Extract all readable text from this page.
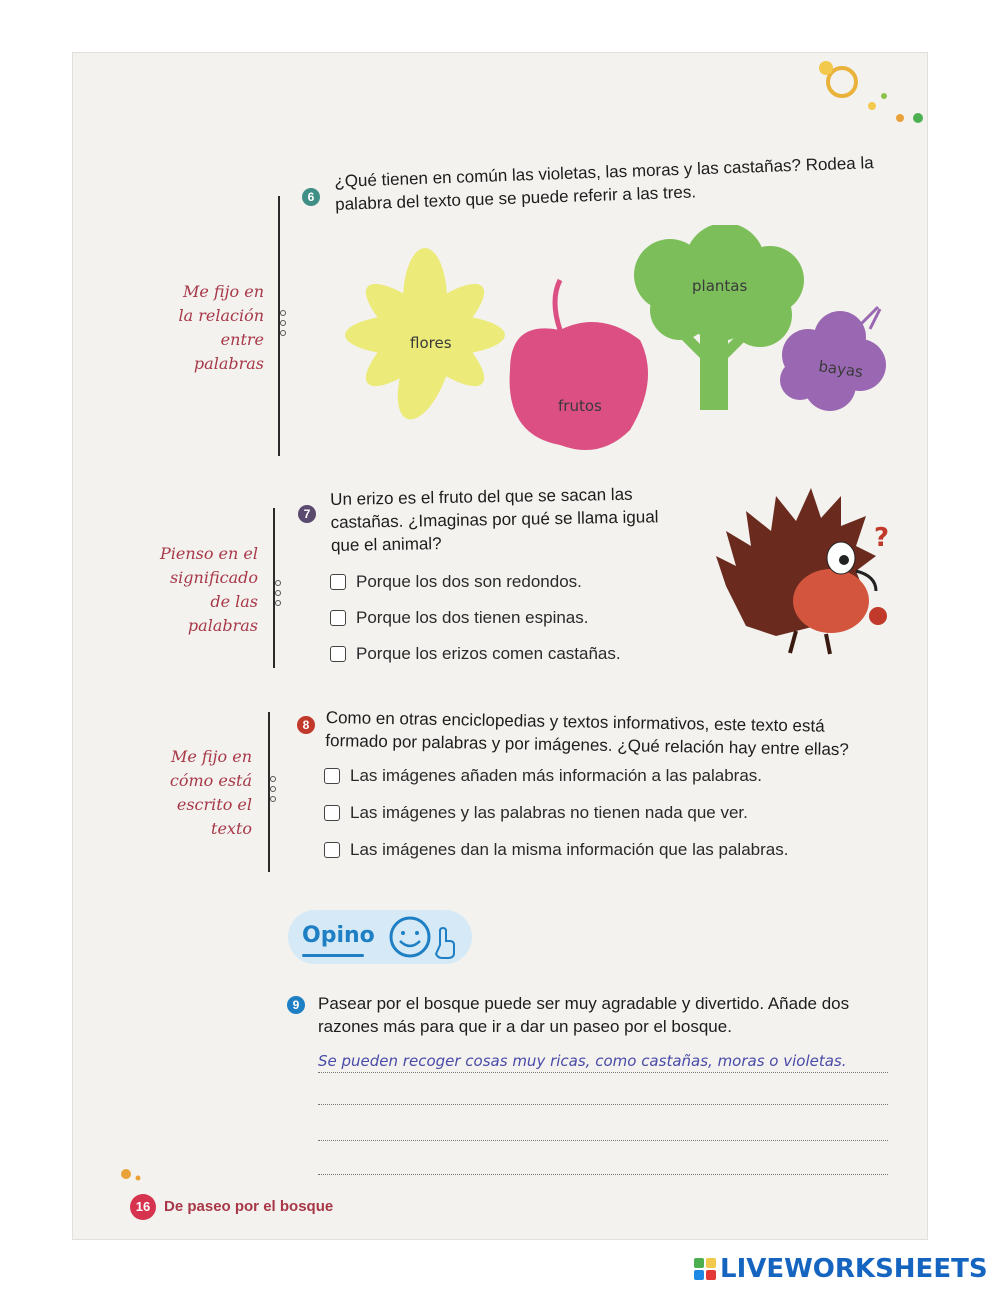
6
¿Qué tienen en común las violetas, las moras y las castañas? Rodea la
palabra del texto que se puede referir a las tres.
Me fijo en
la relación
entre
palabras
flores
frutos
plantas
bayas
7
Un erizo es el fruto del que se sacan las
castañas. ¿Imaginas por qué se llama igual
que el animal?
Pienso en el
significado
de las
palabras
Porque los dos son redondos.
Porque los dos tienen espinas.
Porque los erizos comen castañas.
?
8 Como en otras enciclopedias y textos informativos, este texto está
formado por palabras y por imágenes. ¿Qué relación hay entre ellas?
Me fijo en
cómo está
escrito el
texto
Las imágenes añaden más información a las palabras.
Las imágenes y las palabras no tienen nada que ver.
Las imágenes dan la misma información que las palabras.
Opino
9	Pasear por el bosque puede ser muy agradable y divertido. Añade dos
razones más para que ir a dar un paseo por el bosque.
Se pueden recoger cosas muy ricas, como castañas, moras o violetas.
16 De paseo por el bosque
LIVEWORKSHEETS
